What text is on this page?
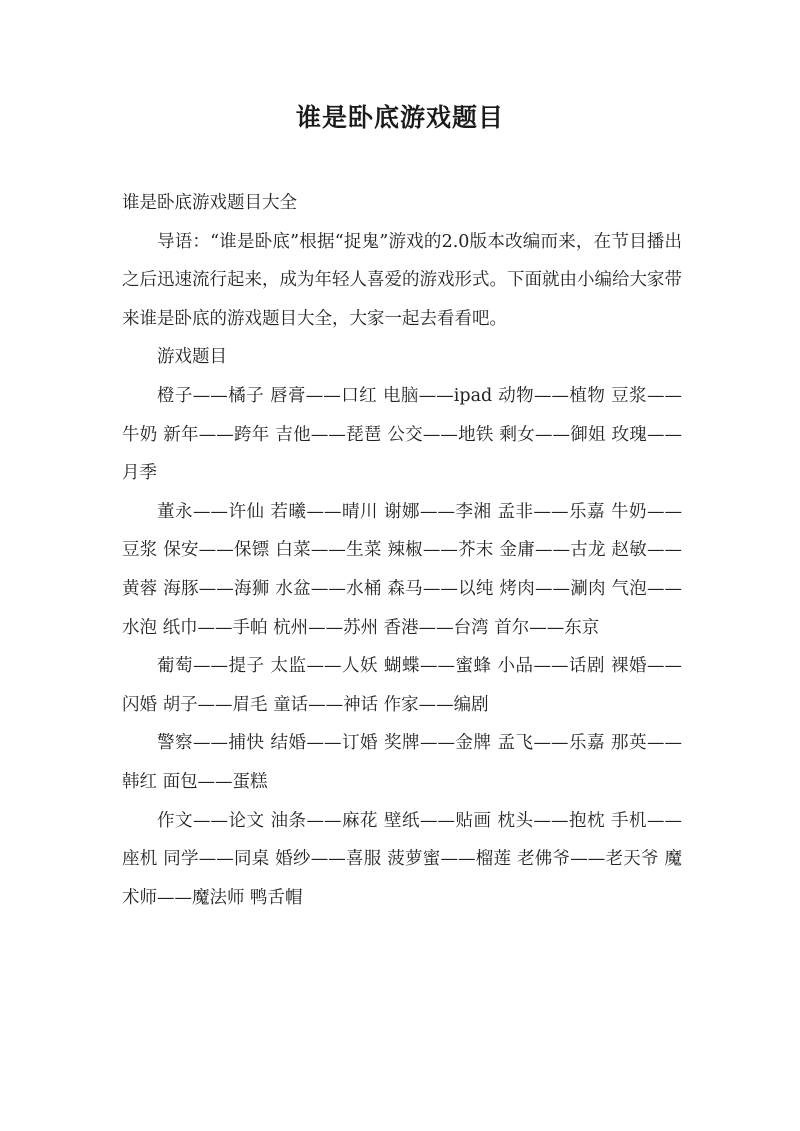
谁是卧底游戏题目

谁是卧底游戏题目大全

导语：“谁是卧底”根据“捉鬼”游戏的2.0版本改编而来，在节目播出之后迅速流行起来，成为年轻人喜爱的游戏形式。下面就由小编给大家带来谁是卧底的游戏题目大全，大家一起去看看吧。

游戏题目

橙子——橘子 唇膏——口红 电脑——ipad 动物——植物 豆浆——牛奶 新年——跨年 吉他——琵琶 公交——地铁 剩女——御姐 玫瑰——月季

董永——许仙 若曦——晴川 谢娜——李湘 孟非——乐嘉 牛奶——豆浆 保安——保镖 白菜——生菜 辣椒——芥末 金庸——古龙 赵敏——黄蓉 海豚——海狮 水盆——水桶 森马——以纯 烤肉——涮肉 气泡——水泡 纸巾——手帕 杭州——苏州 香港——台湾 首尔——东京

葡萄——提子 太监——人妖 蝴蝶——蜜蜂 小品——话剧 裸婚——闪婚 胡子——眉毛 童话——神话 作家——编剧

警察——捕快 结婚——订婚 奖牌——金牌 孟飞——乐嘉 那英——韩红 面包——蛋糕

作文——论文 油条——麻花 壁纸——贴画 枕头——抱枕 手机——座机 同学——同桌 婚纱——喜服 菠萝蜜——榴莲 老佛爷——老天爷 魔术师——魔法师 鸭舌帽
